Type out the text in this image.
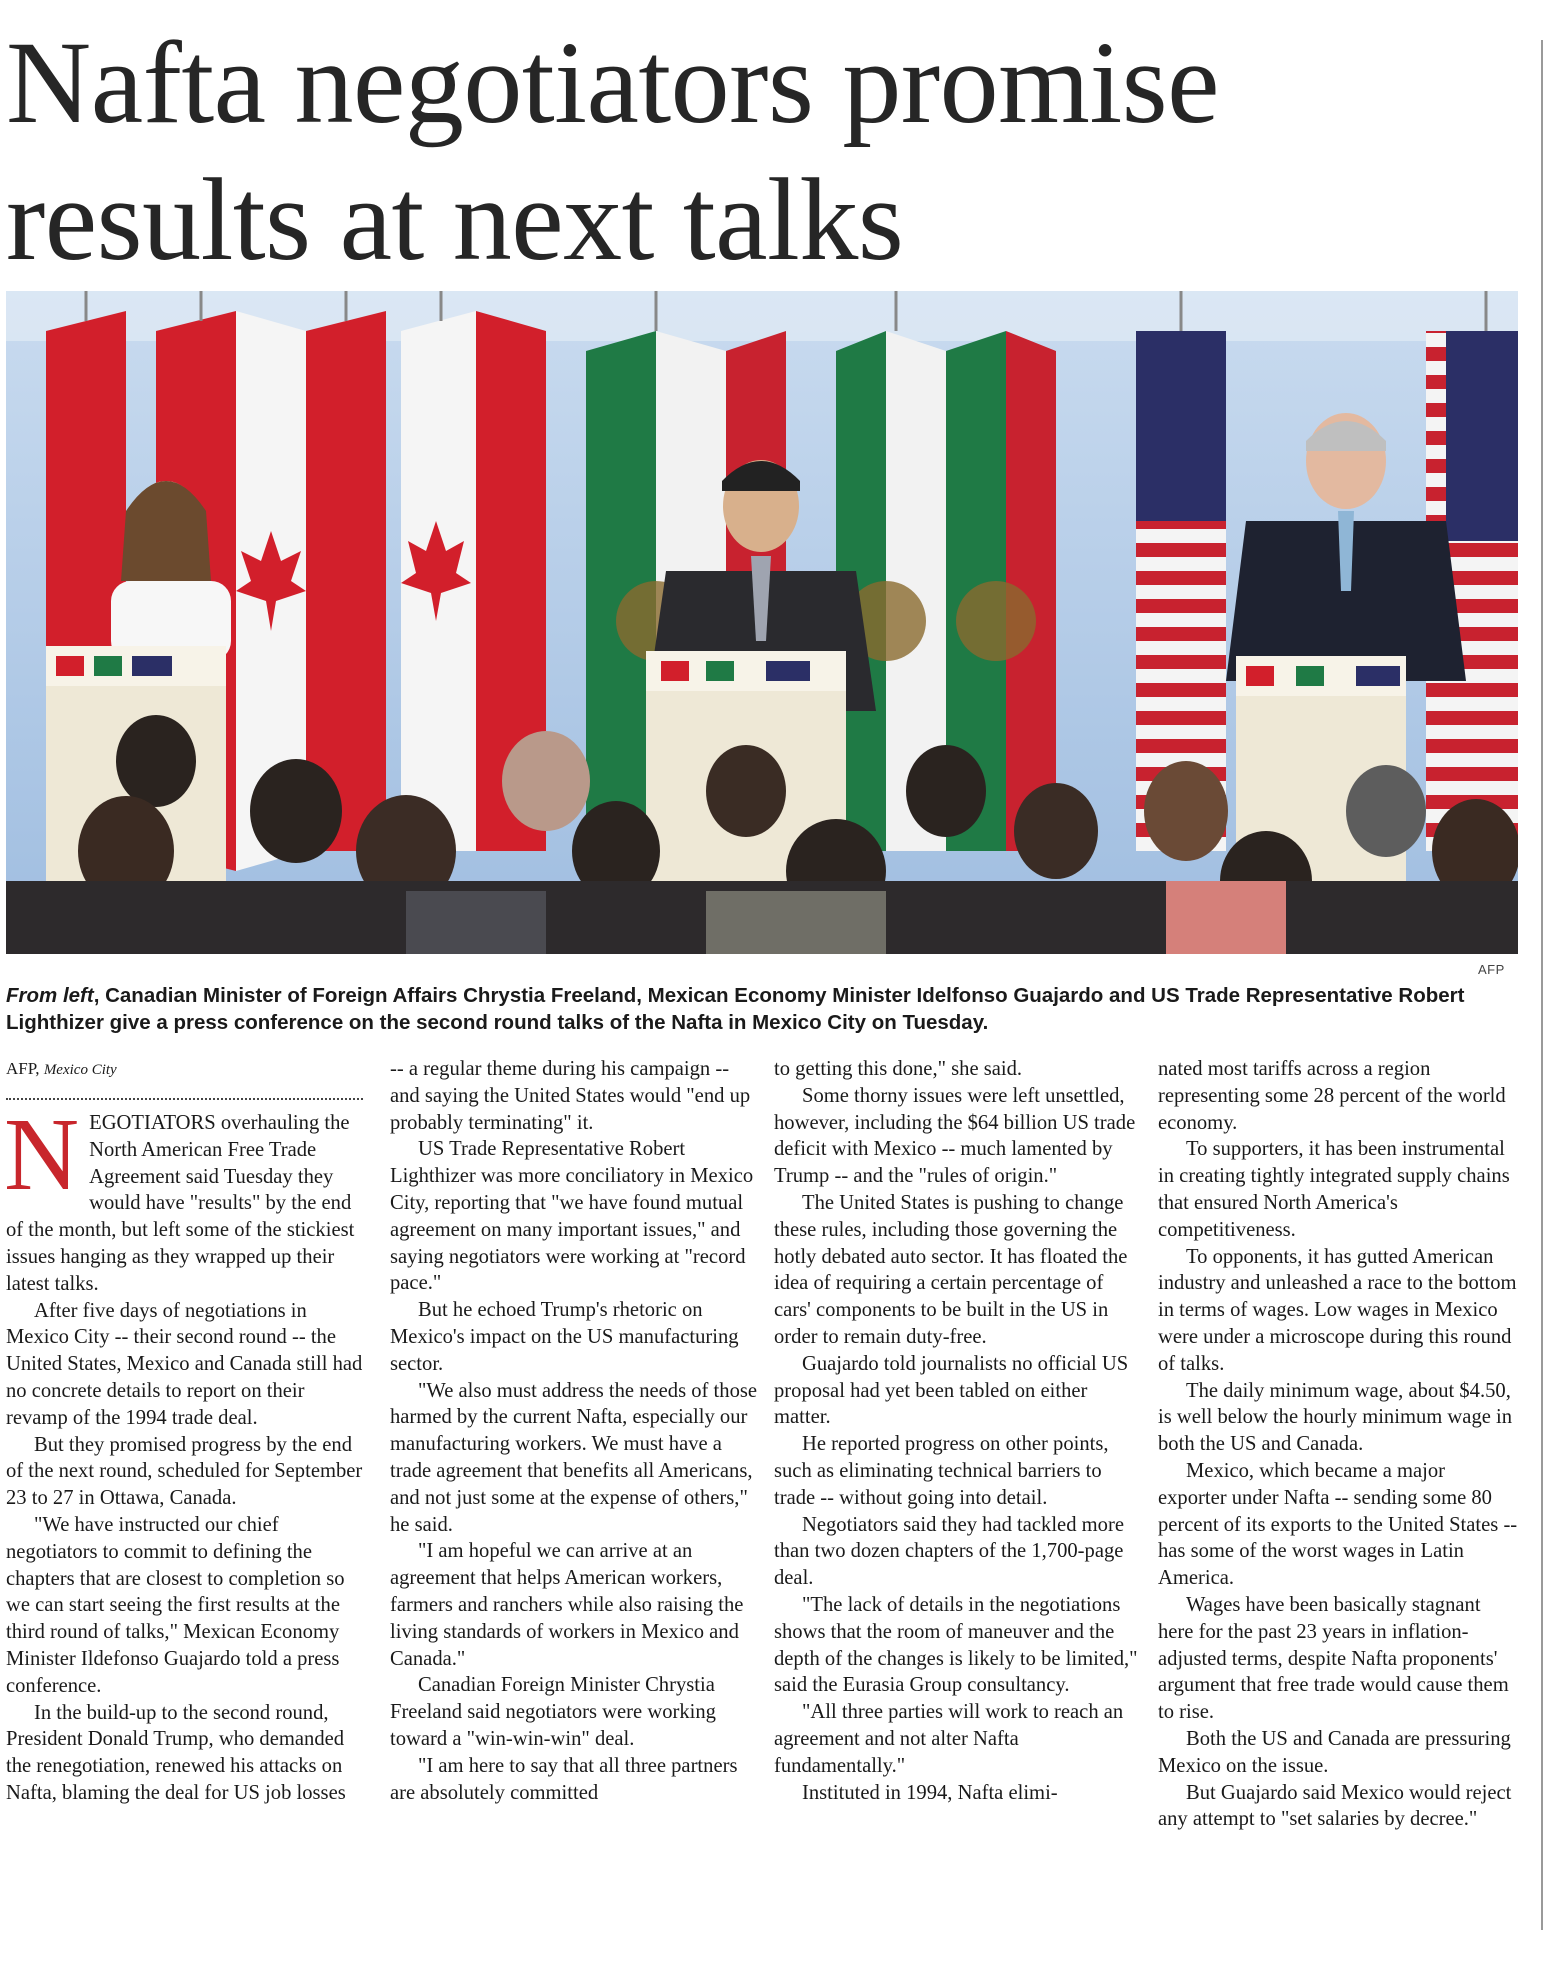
Nafta negotiators promise
results at next talks
AFP

From left, Canadian Minister of Foreign Affairs Chrystia Freeland, Mexican Economy Minister Idelfonso Guajardo and US Trade Representative Robert Lighthizer give a press conference on the second round talks of the Nafta in Mexico City on Tuesday.

AFP, Mexico City

NEGOTIATORS overhauling the North American Free Trade Agreement said Tuesday they would have "results" by the end of the month, but left some of the stickiest issues hanging as they wrapped up their latest talks.

After five days of negotiations in Mexico City -- their second round -- the United States, Mexico and Canada still had no concrete details to report on their revamp of the 1994 trade deal.

But they promised progress by the end of the next round, scheduled for September 23 to 27 in Ottawa, Canada.

"We have instructed our chief negotiators to commit to defining the chapters that are closest to completion so we can start seeing the first results at the third round of talks," Mexican Economy Minister Ildefonso Guajardo told a press conference.

In the build-up to the second round, President Donald Trump, who demanded the renegotiation, renewed his attacks on Nafta, blaming the deal for US job losses

-- a regular theme during his campaign -- and saying the United States would "end up probably terminating" it.

US Trade Representative Robert Lighthizer was more conciliatory in Mexico City, reporting that "we have found mutual agreement on many important issues," and saying negotiators were working at "record pace."

But he echoed Trump's rhetoric on Mexico's impact on the US manufacturing sector.

"We also must address the needs of those harmed by the current Nafta, especially our manufacturing workers. We must have a trade agreement that benefits all Americans, and not just some at the expense of others," he said.

"I am hopeful we can arrive at an agreement that helps American workers, farmers and ranchers while also raising the living standards of workers in Mexico and Canada."

Canadian Foreign Minister Chrystia Freeland said negotiators were working toward a "win-win-win" deal.

"I am here to say that all three partners are absolutely committed

to getting this done," she said.

Some thorny issues were left unsettled, however, including the $64 billion US trade deficit with Mexico -- much lamented by Trump -- and the "rules of origin."

The United States is pushing to change these rules, including those governing the hotly debated auto sector. It has floated the idea of requiring a certain percentage of cars' components to be built in the US in order to remain duty-free.

Guajardo told journalists no official US proposal had yet been tabled on either matter.

He reported progress on other points, such as eliminating technical barriers to trade -- without going into detail.

Negotiators said they had tackled more than two dozen chapters of the 1,700-page deal.

"The lack of details in the negotiations shows that the room of maneuver and the depth of the changes is likely to be limited," said the Eurasia Group consultancy.

"All three parties will work to reach an agreement and not alter Nafta fundamentally."

Instituted in 1994, Nafta elimi-

nated most tariffs across a region representing some 28 percent of the world economy.

To supporters, it has been instrumental in creating tightly integrated supply chains that ensured North America's competitiveness.

To opponents, it has gutted American industry and unleashed a race to the bottom in terms of wages. Low wages in Mexico were under a microscope during this round of talks.

The daily minimum wage, about $4.50, is well below the hourly minimum wage in both the US and Canada.

Mexico, which became a major exporter under Nafta -- sending some 80 percent of its exports to the United States -- has some of the worst wages in Latin America.

Wages have been basically stagnant here for the past 23 years in inflation-adjusted terms, despite Nafta proponents' argument that free trade would cause them to rise.

Both the US and Canada are pressuring Mexico on the issue.

But Guajardo said Mexico would reject any attempt to "set salaries by decree."
